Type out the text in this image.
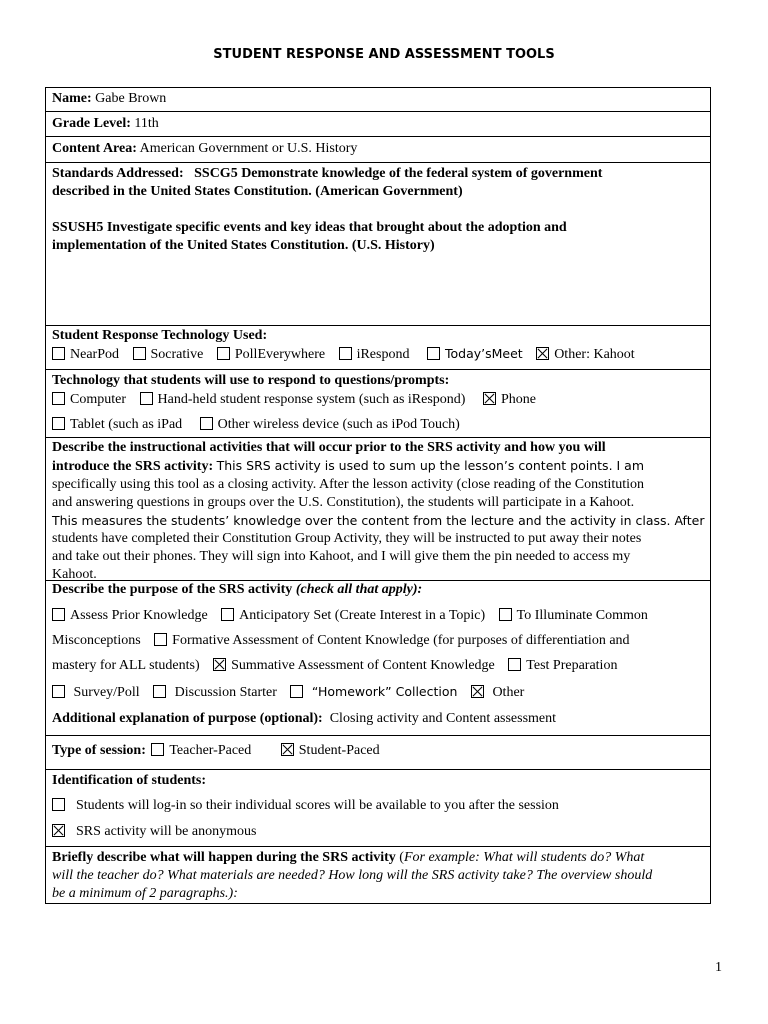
STUDENT RESPONSE AND ASSESSMENT TOOLS
Name: Gabe Brown
Grade Level: 11th
Content Area: American Government or U.S. History
Standards Addressed: SSCG5 Demonstrate knowledge of the federal system of government
described in the United States Constitution. (American Government)
SSUSH5 Investigate specific events and key ideas that brought about the adoption and
implementation of the United States Constitution. (U.S. History)
Student Response Technology Used:
NearPod Socrative PollEverywhere iRespond	Today’sMeet Other: Kahoot
Technology that students will use to respond to questions/prompts:
Computer Hand-held student response system (such as iRespond)	Phone
Tablet (such as iPad	Other wireless device (such as iPod Touch)
Describe the instructional activities that will occur prior to the SRS activity and how you will
introduce the SRS activity: This SRS activity is used to sum up the lesson’s content points. I am
specifically using this tool as a closing activity. After the lesson activity (close reading of the Constitution
and answering questions in groups over the U.S. Constitution), the students will participate in a Kahoot.
This measures the students’ knowledge over the content from the lecture and the activity in class. After
students have completed their Constitution Group Activity, they will be instructed to put away their notes
and take out their phones. They will sign into Kahoot, and I will give them the pin needed to access my
Kahoot.
Describe the purpose of the SRS activity (check all that apply):
Assess Prior Knowledge Anticipatory Set (Create Interest in a Topic) To Illuminate Common
Misconceptions Formative Assessment of Content Knowledge (for purposes of differentiation and
mastery for ALL students) Summative Assessment of Content Knowledge Test Preparation
Survey/Poll	Discussion Starter	“Homework” Collection	Other
Additional explanation of purpose (optional): Closing activity and Content assessment
Type of session: Teacher-Paced	Student-Paced
Identification of students:
Students will log-in so their individual scores will be available to you after the session
SRS activity will be anonymous
Briefly describe what will happen during the SRS activity (For example: What will students do? What
will the teacher do? What materials are needed? How long will the SRS activity take? The overview should
be a minimum of 2 paragraphs.):
1
